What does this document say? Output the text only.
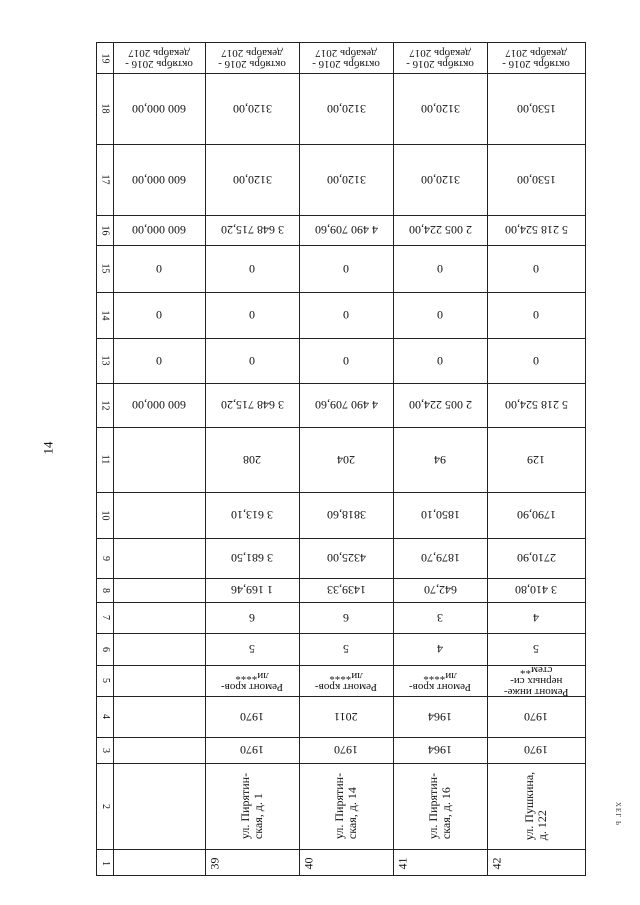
14
XЕГ Ь
19
18
17
16
15
14
13
12
11
10
9
8
7
6
5
4
3
2
1
октябрь 2016 - декабрь 2017
600 000,00
600 000,00
600 000,00
0
0
0
600 000,00
октябрь 2016 - декабрь 2017
3120,00
3120,00
3 648 715,20
0
0
0
3 648 715,20
208
3 613,10
3 681,50
1 169,46
6
5
Ремонт кров-
ли****
1970
1970
ул. Пирятин- ская, д. 1
39
октябрь 2016 - декабрь 2017
3120,00
3120,00
4 490 709,60
0
0
0
4 490 709,60
204
3818,60
4325,00
1439,33
6
5
Ремонт кров-
ли****
2011
1970
ул. Пирятин- ская, д. 14
40
октябрь 2016 - декабрь 2017
3120,00
3120,00
2 005 224,00
0
0
0
2 005 224,00
94
1850,10
1879,70
642,70
3
4
Ремонт кров-
ли****
1964
1964
ул. Пирятин- ская, д. 16
41
октябрь 2016 - декабрь 2017
1530,00
1530,00
5 218 524,00
0
0
0
5 218 524,00
129
1790,90
2710,90
3 410,80
4
5
Ремонт инже-
нерных си-
стем**
1970
1970
ул. Пушкина, д. 122
42
